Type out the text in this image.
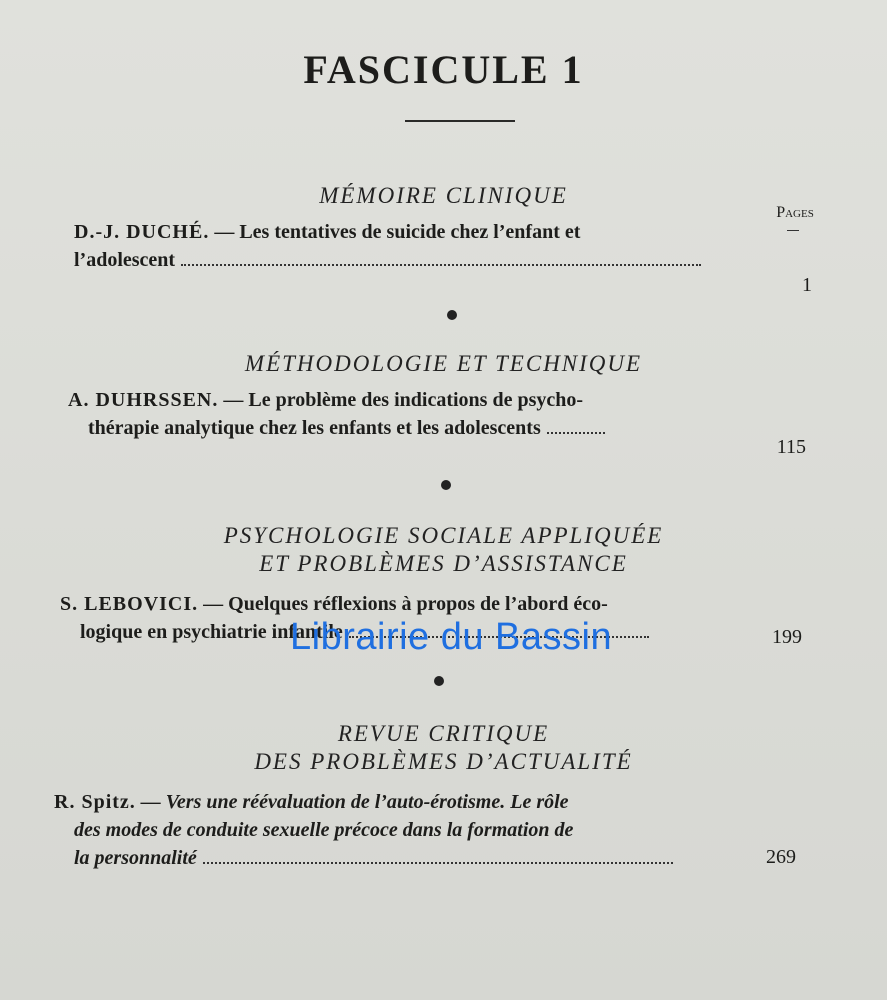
FASCICULE 1
MÉMOIRE CLINIQUE
Pages
D.-J. DUCHÉ. — Les tentatives de suicide chez l’enfant et
l’adolescent
1
MÉTHODOLOGIE ET TECHNIQUE
A. DUHRSSEN. — Le problème des indications de psycho-
thérapie analytique chez les enfants et les adolescents
115
PSYCHOLOGIE SOCIALE APPLIQUÉE
ET PROBLÈMES D’ASSISTANCE
S. LEBOVICI. — Quelques réflexions à propos de l’abord éco-
logique en psychiatrie infantile	199
REVUE CRITIQUE
DES PROBLÈMES D’ACTUALITÉ
R. Spitz. — Vers une réévaluation de l’auto-érotisme. Le rôle
des modes de conduite sexuelle précoce dans la formation de
la personnalité	269
Librairie du Bassin
